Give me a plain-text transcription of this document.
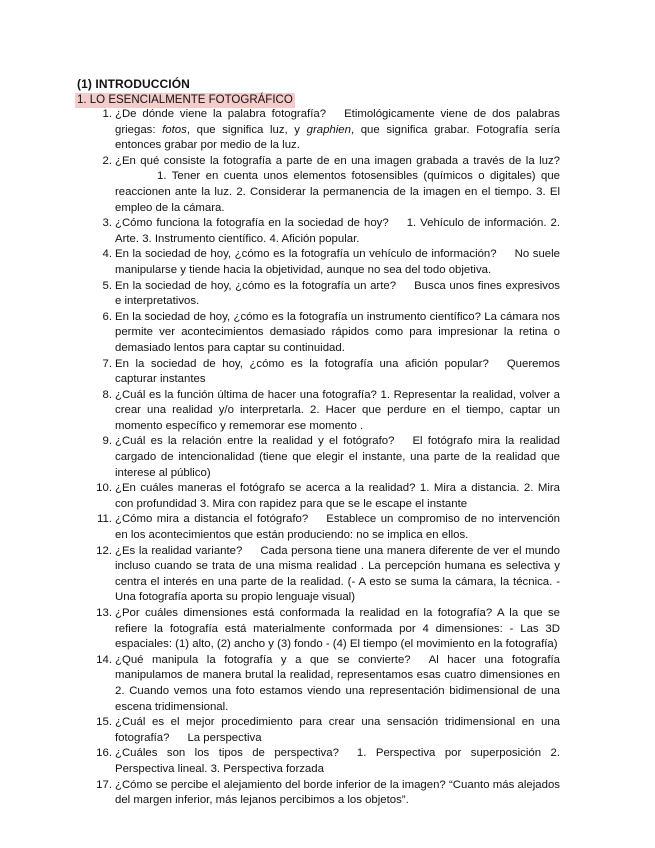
(1) INTRODUCCIÓN
1. LO ESENCIALMENTE FOTOGRÁFICO
1. ¿De dónde viene la palabra fotografía? Etimológicamente viene de dos palabras griegas: fotos, que significa luz, y graphien, que significa grabar. Fotografía sería entonces grabar por medio de la luz.
2. ¿En qué consiste la fotografía a parte de en una imagen grabada a través de la luz? 1. Tener en cuenta unos elementos fotosensibles (químicos o digitales) que reaccionen ante la luz. 2. Considerar la permanencia de la imagen en el tiempo. 3. El empleo de la cámara.
3. ¿Cómo funciona la fotografía en la sociedad de hoy? 1. Vehículo de información. 2. Arte. 3. Instrumento científico. 4. Afición popular.
4. En la sociedad de hoy, ¿cómo es la fotografía un vehículo de información? No suele manipularse y tiende hacia la objetividad, aunque no sea del todo objetiva.
5. En la sociedad de hoy, ¿cómo es la fotografía un arte? Busca unos fines expresivos e interpretativos.
6. En la sociedad de hoy, ¿cómo es la fotografía un instrumento científico? La cámara nos permite ver acontecimientos demasiado rápidos como para impresionar la retina o demasiado lentos para captar su continuidad.
7. En la sociedad de hoy, ¿cómo es la fotografía una afición popular? Queremos capturar instantes
8. ¿Cuál es la función última de hacer una fotografía? 1. Representar la realidad, volver a crear una realidad y/o interpretarla. 2. Hacer que perdure en el tiempo, captar un momento específico y rememorar ese momento .
9. ¿Cuál es la relación entre la realidad y el fotógrafo? El fotógrafo mira la realidad cargado de intencionalidad (tiene que elegir el instante, una parte de la realidad que interese al público)
10. ¿En cuáles maneras el fotógrafo se acerca a la realidad? 1. Mira a distancia. 2. Mira con profundidad 3. Mira con rapidez para que se le escape el instante
11. ¿Cómo mira a distancia el fotógrafo? Establece un compromiso de no intervención en los acontecimientos que están produciendo: no se implica en ellos.
12. ¿Es la realidad variante? Cada persona tiene una manera diferente de ver el mundo incluso cuando se trata de una misma realidad . La percepción humana es selectiva y centra el interés en una parte de la realidad. (- A esto se suma la cámara, la técnica. - Una fotografía aporta su propio lenguaje visual)
13. ¿Por cuáles dimensiones está conformada la realidad en la fotografía? A la que se refiere la fotografía está materialmente conformada por 4 dimensiones: - Las 3D espaciales: (1) alto, (2) ancho y (3) fondo - (4) El tiempo (el movimiento en la fotografía)
14. ¿Qué manipula la fotografía y a que se convierte? Al hacer una fotografía manipulamos de manera brutal la realidad, representamos esas cuatro dimensiones en 2. Cuando vemos una foto estamos viendo una representación bidimensional de una escena tridimensional.
15. ¿Cuál es el mejor procedimiento para crear una sensación tridimensional en una fotografía? La perspectiva
16. ¿Cuáles son los tipos de perspectiva? 1. Perspectiva por superposición 2. Perspectiva lineal. 3. Perspectiva forzada
17. ¿Cómo se percibe el alejamiento del borde inferior de la imagen? “Cuanto más alejados del margen inferior, más lejanos percibimos a los objetos”.
